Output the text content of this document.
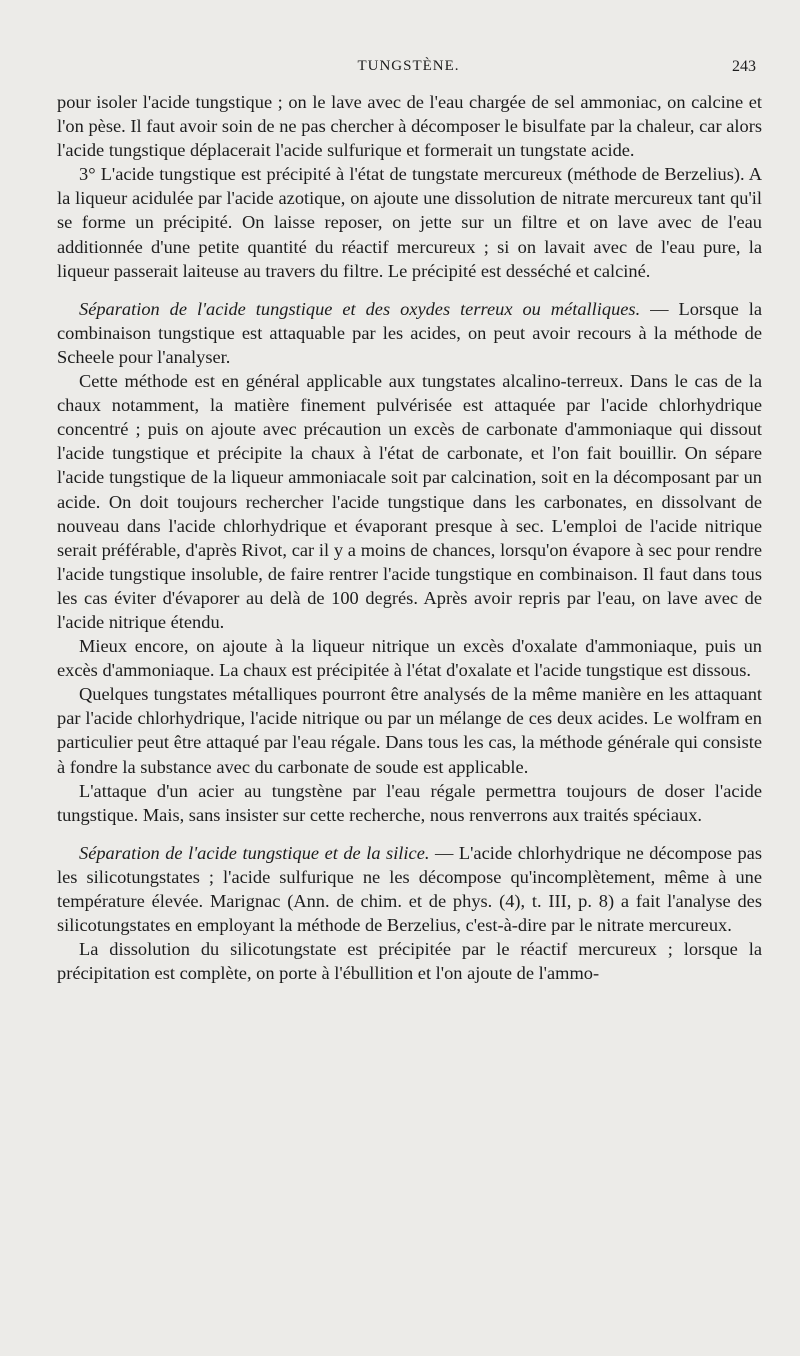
TUNGSTÈNE.	243

pour isoler l'acide tungstique ; on le lave avec de l'eau chargée de sel ammoniac, on calcine et l'on pèse. Il faut avoir soin de ne pas chercher à décomposer le bisulfate par la chaleur, car alors l'acide tungstique déplacerait l'acide sulfurique et formerait un tungstate acide.

3° L'acide tungstique est précipité à l'état de tungstate mercureux (méthode de Berzelius). A la liqueur acidulée par l'acide azotique, on ajoute une dissolution de nitrate mercureux tant qu'il se forme un précipité. On laisse reposer, on jette sur un filtre et on lave avec de l'eau additionnée d'une petite quantité du réactif mercureux ; si on lavait avec de l'eau pure, la liqueur passerait laiteuse au travers du filtre. Le précipité est desséché et calciné.

Séparation de l'acide tungstique et des oxydes terreux ou métalliques. — Lorsque la combinaison tungstique est attaquable par les acides, on peut avoir recours à la méthode de Scheele pour l'analyser.

Cette méthode est en général applicable aux tungstates alcalino-terreux. Dans le cas de la chaux notamment, la matière finement pulvérisée est attaquée par l'acide chlorhydrique concentré ; puis on ajoute avec précaution un excès de carbonate d'ammoniaque qui dissout l'acide tungstique et précipite la chaux à l'état de carbonate, et l'on fait bouillir. On sépare l'acide tungstique de la liqueur ammoniacale soit par calcination, soit en la décomposant par un acide. On doit toujours rechercher l'acide tungstique dans les carbonates, en dissolvant de nouveau dans l'acide chlorhydrique et évaporant presque à sec. L'emploi de l'acide nitrique serait préférable, d'après Rivot, car il y a moins de chances, lorsqu'on évapore à sec pour rendre l'acide tungstique insoluble, de faire rentrer l'acide tungstique en combinaison. Il faut dans tous les cas éviter d'évaporer au delà de 100 degrés. Après avoir repris par l'eau, on lave avec de l'acide nitrique étendu.

Mieux encore, on ajoute à la liqueur nitrique un excès d'oxalate d'ammoniaque, puis un excès d'ammoniaque. La chaux est précipitée à l'état d'oxalate et l'acide tungstique est dissous.

Quelques tungstates métalliques pourront être analysés de la même manière en les attaquant par l'acide chlorhydrique, l'acide nitrique ou par un mélange de ces deux acides. Le wolfram en particulier peut être attaqué par l'eau régale. Dans tous les cas, la méthode générale qui consiste à fondre la substance avec du carbonate de soude est applicable.

L'attaque d'un acier au tungstène par l'eau régale permettra toujours de doser l'acide tungstique. Mais, sans insister sur cette recherche, nous renverrons aux traités spéciaux.

Séparation de l'acide tungstique et de la silice. — L'acide chlorhydrique ne décompose pas les silicotungstates ; l'acide sulfurique ne les décompose qu'incomplètement, même à une température élevée. Marignac (Ann. de chim. et de phys. (4), t. III, p. 8) a fait l'analyse des silicotungstates en employant la méthode de Berzelius, c'est-à-dire par le nitrate mercureux.

La dissolution du silicotungstate est précipitée par le réactif mercureux ; lorsque la précipitation est complète, on porte à l'ébullition et l'on ajoute de l'ammo-
